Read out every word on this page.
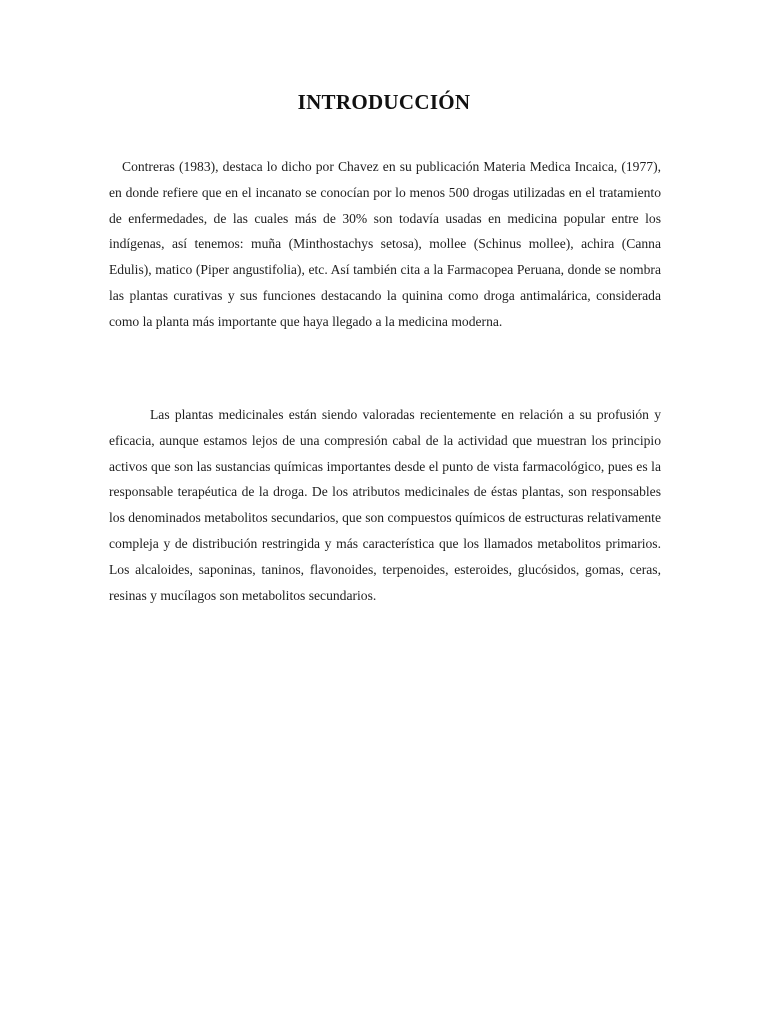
INTRODUCCIÓN

Contreras (1983), destaca lo dicho por Chavez en su publicación Materia Medica Incaica, (1977), en donde refiere que en el incanato se conocían por lo menos 500 drogas utilizadas en el tratamiento de enfermedades, de las cuales más de 30% son todavía usadas en medicina popular entre los indígenas, así tenemos: muña (Minthostachys setosa), mollee (Schinus mollee), achira (Canna Edulis), matico (Piper angustifolia), etc. Así también cita a la Farmacopea Peruana, donde se nombra las plantas curativas y sus funciones destacando la quinina como droga antimalárica, considerada como la planta más importante que haya llegado a la medicina moderna.

Las plantas medicinales están siendo valoradas recientemente en relación a su profusión y eficacia, aunque estamos lejos de una compresión cabal de la actividad que muestran los principio activos que son las sustancias químicas importantes desde el punto de vista farmacológico, pues es la responsable terapéutica de la droga. De los atributos medicinales de éstas plantas, son responsables los denominados metabolitos secundarios, que son compuestos químicos de estructuras relativamente compleja y de distribución restringida y más característica que los llamados metabolitos primarios. Los alcaloides, saponinas, taninos, flavonoides, terpenoides, esteroides, glucósidos, gomas, ceras, resinas y mucílagos son metabolitos secundarios.
